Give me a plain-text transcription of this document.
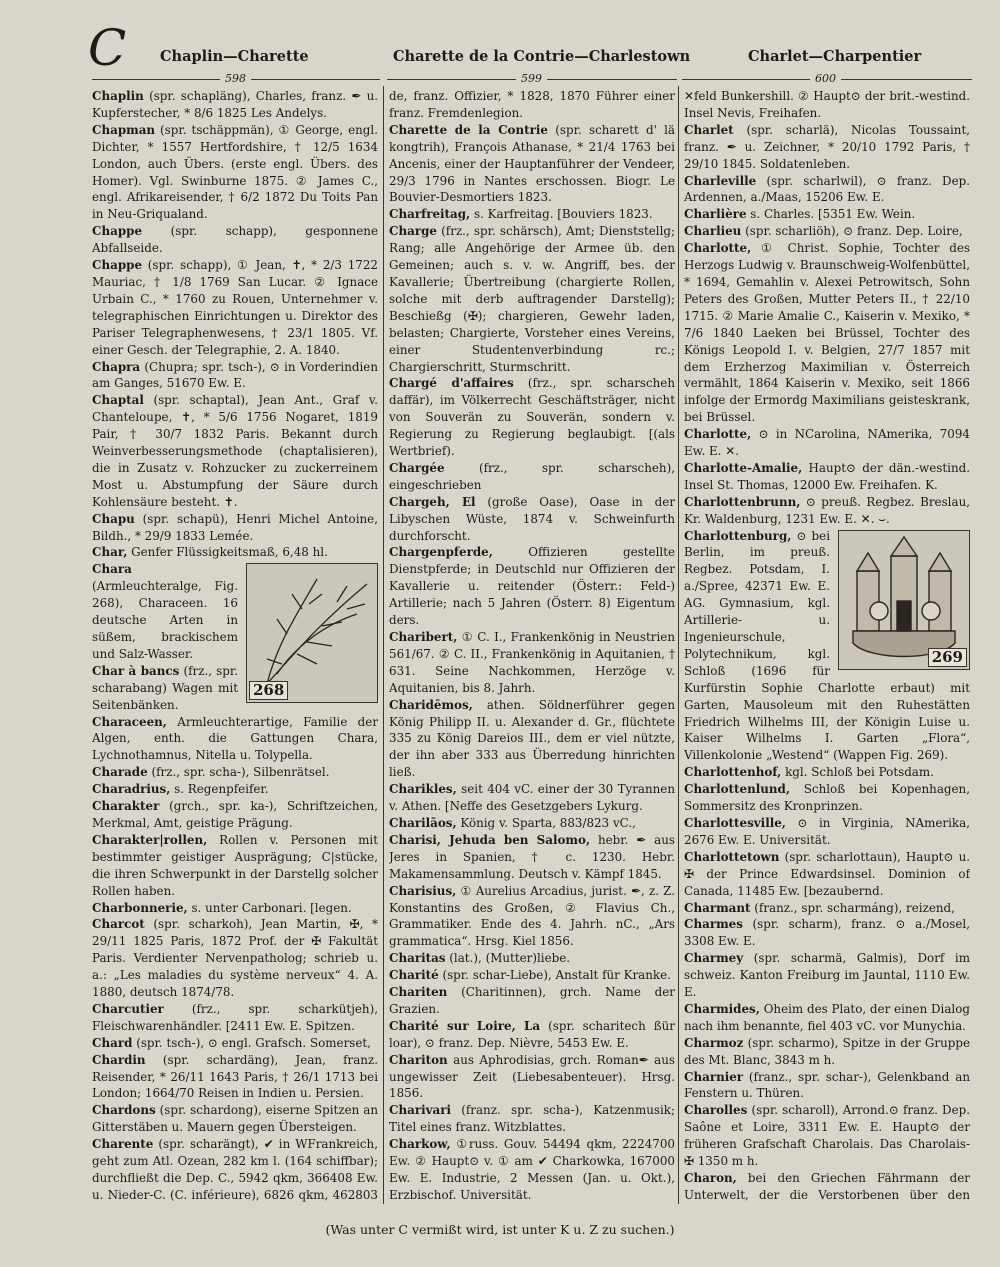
C Chaplin—Charette	Charette de la Contrie—Charlestown	Charlet—Charpentier
598	599	600

Chaplin (spr. schapläng), Charles, franz. ✒ u. Kupferstecher, * 8/6 1825 Les Andelys.

Chapman (spr. tschäppmän), ① George, engl. Dichter, * 1557 Hertfordshire, † 12/5 1634 London, auch Übers. (erste engl. Übers. des Homer). Vgl. Swinburne 1875. ② James C., engl. Afrikareisender, † 6/2 1872 Du Toits Pan in Neu-Griqualand.

Chappe (spr. schapp), gesponnene Abfallseide.

Chappe (spr. schapp), ① Jean, ✝, * 2/3 1722 Mauriac, † 1/8 1769 San Lucar. ② Ignace Urbain C., * 1760 zu Rouen, Unternehmer v. telegraphischen Einrichtungen u. Direktor des Pariser Telegraphenwesens, † 23/1 1805. Vf. einer Gesch. der Telegraphie, 2. A. 1840.

Chapra (Chupra; spr. tsch-), ⊙ in Vorderindien am Ganges, 51670 Ew. E.

Chaptal (spr. schaptal), Jean Ant., Graf v. Chanteloupe, ✝, * 5/6 1756 Nogaret, 1819 Pair, † 30/7 1832 Paris. Bekannt durch Weinverbesserungsmethode (chaptalisieren), die in Zusatz v. Rohzucker zu zuckerreinem Most u. Abstumpfung der Säure durch Kohlensäure besteht. ✝.

Chapu (spr. schapü), Henri Michel Antoine, Bildh., * 29/9 1833 Lemée.

Char, Genfer Flüssigkeitsmaß, 6,48 hl.

268

Chara (Armleuchteralge, Fig. 268), Characeen. 16 deutsche Arten in süßem, brackischem und Salz-Wasser.

Char à bancs (frz., spr. scharabang) Wagen mit Seitenbänken.

Characeen, Armleuchterartige, Familie der Algen, enth. die Gattungen Chara, Lychnothamnus, Nitella u. Tolypella.

Charade (frz., spr. scha-), Silbenrätsel.

Charadrius, s. Regenpfeifer.

Charakter (grch., spr. ka-), Schriftzeichen, Merkmal, Amt, geistige Prägung.

Charakter|rollen, Rollen v. Personen mit bestimmter geistiger Ausprägung; C|stücke, die ihren Schwerpunkt in der Darstellg solcher Rollen haben.

Charbonnerie, s. unter Carbonari. [legen.

Charcot (spr. scharkoh), Jean Martin, ✠, * 29/11 1825 Paris, 1872 Prof. der ✠ Fakultät Paris. Verdienter Nervenpatholog; schrieb u. a.: „Les maladies du système nerveux“ 4. A. 1880, deutsch 1874/78.

Charcutier (frz., spr. scharkütjeh), Fleischwarenhändler. [2411 Ew. E. Spitzen.

Chard (spr. tsch-), ⊙ engl. Grafsch. Somerset,

Chardin (spr. schardäng), Jean, franz. Reisender, * 26/11 1643 Paris, † 26/1 1713 bei London; 1664/70 Reisen in Indien u. Persien.

Chardons (spr. schardong), eiserne Spitzen an Gitterstäben u. Mauern gegen Übersteigen.

Charente (spr. scharängt), ✔ in WFrankreich, geht zum Atl. Ozean, 282 km l. (164 schiffbar); durchfließt die Dep. C., 5942 qkm, 366408 Ew. u. Nieder-C. (C. inférieure), 6826 qkm, 462803

de, franz. Offizier, * 1828, 1870 Führer einer franz. Fremdenlegion.

Charette de la Contrie (spr. scharett d' lä kongtrih), François Athanase, * 21/4 1763 bei Ancenis, einer der Hauptanführer der Vendeer, 29/3 1796 in Nantes erschossen. Biogr. Le Bouvier-Desmortiers 1823.

Charfreitag, s. Karfreitag. [Bouviers 1823.

Charge (frz., spr. schärsch), Amt; Dienststellg; Rang; alle Angehörige der Armee üb. den Gemeinen; auch s. v. w. Angriff, bes. der Kavallerie; Übertreibung (chargierte Rollen, solche mit derb auftragender Darstellg); Beschießg (✠); chargieren, Gewehr laden, belasten; Chargierte, Vorsteher eines Vereins, einer Studentenverbindung rc.; Chargierschritt, Sturmschritt.

Chargé d'affaires (frz., spr. scharscheh daffär), im Völkerrecht Geschäftsträger, nicht von Souverän zu Souverän, sondern v. Regierung zu Regierung beglaubigt. [(als Wertbrief).

Chargée	(frz., spr. scharscheh), eingeschrieben

Chargeh, El (große Oase), Oase in der Libyschen Wüste, 1874 v. Schweinfurth durchforscht.

Chargenpferde,	Offizieren gestellte Dienstpferde; in Deutschld nur Offizieren der Kavallerie u. reitender (Österr.: Feld-) Artillerie; nach 5 Jahren (Österr. 8) Eigentum ders.

Charibert, ① C. I., Frankenkönig in Neustrien 561/67. ② C. II., Frankenkönig in Aquitanien, † 631. Seine Nachkommen, Herzöge v. Aquitanien, bis 8. Jahrh.

Charidēmos, athen. Söldnerführer gegen König Philipp II. u. Alexander d. Gr., flüchtete 335 zu König Dareios III., dem er viel nützte, der ihn aber 333 aus Überredung hinrichten ließ.

Charikles, seit 404 vC. einer der 30 Tyrannen v. Athen. [Neffe des Gesetzgebers Lykurg.

Charilāos, König v. Sparta, 883/823 vC.,

Charisi, Jehuda ben Salomo, hebr. ✒ aus Jeres in Spanien, † c. 1230. Hebr. Makamensammlung. Deutsch v. Kämpf 1845.

Charisius, ① Aurelius Arcadius, jurist. ✒, z. Z. Konstantins des Großen, ② Flavius Ch., Grammatiker. Ende des 4. Jahrh. nC., „Ars grammatica“. Hrsg. Kiel 1856.

Charitas (lat.), (Mutter)liebe.

Charité (spr. schar-Liebe), Anstalt für Kranke.

Chariten (Charitinnen), grch. Name der Grazien.

Charité sur Loire, La (spr. scharitech ßür loar), ⊙ franz. Dep. Nièvre, 5453 Ew. E.

Chariton aus Aphrodisias, grch. Roman✒ aus ungewisser Zeit (Liebesabenteuer). Hrsg. 1856.

Charivari (franz. spr. scha-), Katzenmusik; Titel eines franz. Witzblattes.

Charkow, ①russ. Gouv. 54494 qkm, 2224700 Ew. ② Haupt⊙ v. ① am ✔ Charkowka, 167000 Ew. E. Industrie, 2 Messen (Jan. u. Okt.), Erzbischof. Universität.

✕feld Bunkershill. ② Haupt⊙ der brit.-westind. Insel Nevis, Freihafen.

Charlet (spr. scharlä), Nicolas Toussaint, franz. ✒ u. Zeichner, * 20/10 1792 Paris, † 29/10 1845. Soldatenleben.

Charleville (spr. scharlwil), ⊙ franz. Dep. Ardennen, a./Maas, 15206 Ew. E.

Charlière s. Charles. [5351 Ew. Wein.

Charlieu (spr. scharliöh), ⊙ franz. Dep. Loire,

Charlotte, ① Christ. Sophie, Tochter des Herzogs Ludwig v. Braunschweig-Wolfenbüttel, * 1694, Gemahlin v. Alexei Petrowitsch, Sohn Peters des Großen, Mutter Peters II., † 22/10 1715. ② Marie Amalie C., Kaiserin v. Mexiko, * 7/6 1840 Laeken bei Brüssel, Tochter des Königs Leopold I. v. Belgien, 27/7 1857 mit dem Erzherzog Maximilian v. Österreich vermählt, 1864 Kaiserin v. Mexiko, seit 1866 infolge der Ermordg Maximilians geisteskrank, bei Brüssel.

Charlotte, ⊙ in NCarolina, NAmerika, 7094 Ew. E. ✕.

Charlotte-Amalie, Haupt⊙ der dän.-westind. Insel St. Thomas, 12000 Ew. Freihafen. K.

Charlottenbrunn, ⊙ preuß. Regbez. Breslau, Kr. Waldenburg, 1231 Ew. E. ✕. ⌣.

269

Charlottenburg, ⊙ bei Berlin, im preuß. Regbez. Potsdam, I. a./Spree, 42371 Ew. E. AG. Gymnasium, kgl. Artillerie- u. Ingenieurschule, Polytechnikum, kgl. Schloß (1696 für Kurfürstin Sophie Charlotte erbaut) mit Garten, Mausoleum mit den Ruhestätten Friedrich Wilhelms III, der Königin Luise u. Kaiser Wilhelms I. Garten „Flora“, Villenkolonie „Westend“ (Wappen Fig. 269).

Charlottenhof, kgl. Schloß bei Potsdam.

Charlottenlund, Schloß bei Kopenhagen, Sommersitz des Kronprinzen.

Charlottesville, ⊙ in Virginia, NAmerika, 2676 Ew. E. Universität.

Charlottetown (spr. scharlottaun), Haupt⊙ u. ✠ der Prince Edwardsinsel. Dominion of Canada, 11485 Ew. [bezaubernd.

Charmant (franz., spr. scharmáng), reizend,

Charmes (spr. scharm), franz. ⊙ a./Mosel, 3308 Ew. E.

Charmey (spr. scharmä, Galmis), Dorf im schweiz. Kanton Freiburg im Jauntal, 1110 Ew. E.

Charmides, Oheim des Plato, der einen Dialog nach ihm benannte, fiel 403 vC. vor Munychia.

Charmoz (spr. scharmo), Spitze in der Gruppe des Mt. Blanc, 3843 m h.

Charnier (franz., spr. schar-), Gelenkband an Fenstern u. Thüren.

Charolles (spr. scharoll), Arrond.⊙ franz. Dep. Saône et Loire, 3311 Ew. E. Haupt⊙ der früheren Grafschaft Charolais. Das Charolais-✠ 1350 m h.

Charon, bei den Griechen Fährmann der Unterwelt, der die Verstorbenen über den

(Was unter C vermißt wird, ist unter K u. Z zu suchen.)
